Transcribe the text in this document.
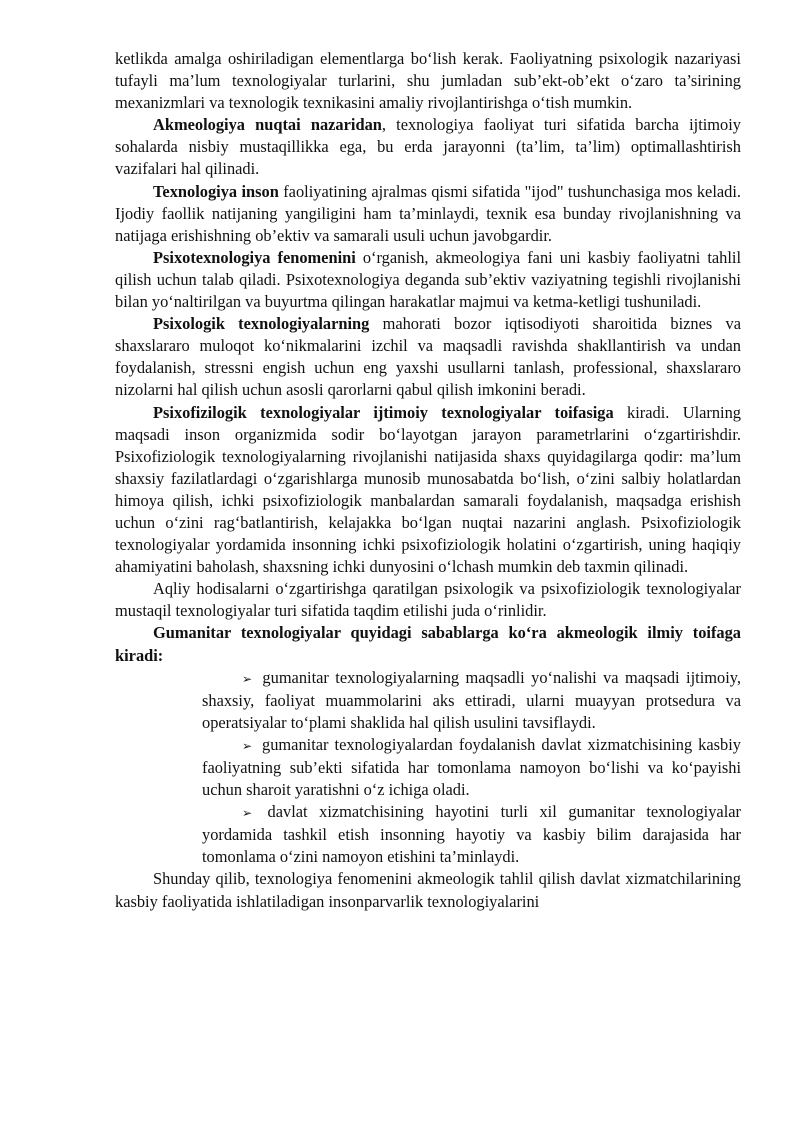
ketlikda amalga oshiriladigan elementlarga bo‘lish kerak. Faoliyatning psixologik nazariyasi tufayli ma’lum texnologiyalar turlarini, shu jumladan sub’ekt-ob’ekt o‘zaro ta’sirining mexanizmlari va texnologik texnikasini amaliy rivojlantirishga o‘tish mumkin.

Akmeologiya nuqtai nazaridan, texnologiya faoliyat turi sifatida barcha ijtimoiy sohalarda nisbiy mustaqillikka ega, bu erda jarayonni (ta’lim, ta’lim) optimallashtirish vazifalari hal qilinadi.

Texnologiya inson faoliyatining ajralmas qismi sifatida "ijod" tushunchasiga mos keladi. Ijodiy faollik natijaning yangiligini ham ta’minlaydi, texnik esa bunday rivojlanishning va natijaga erishishning ob’ektiv va samarali usuli uchun javobgardir.

Psixotexnologiya fenomenini o‘rganish, akmeologiya fani uni kasbiy faoliyatni tahlil qilish uchun talab qiladi. Psixotexnologiya deganda sub’ektiv vaziyatning tegishli rivojlanishi bilan yo‘naltirilgan va buyurtma qilingan harakatlar majmui va ketma-ketligi tushuniladi.

Psixologik texnologiyalarning mahorati bozor iqtisodiyoti sharoitida biznes va shaxslararo muloqot ko‘nikmalarini izchil va maqsadli ravishda shakllantirish va undan foydalanish, stressni engish uchun eng yaxshi usullarni tanlash, professional, shaxslararo nizolarni hal qilish uchun asosli qarorlarni qabul qilish imkonini beradi.

Psixofizilogik texnologiyalar ijtimoiy texnologiyalar toifasiga kiradi. Ularning maqsadi inson organizmida sodir bo‘layotgan jarayon parametrlarini o‘zgartirishdir. Psixofiziologik texnologiyalarning rivojlanishi natijasida shaxs quyidagilarga qodir: ma’lum shaxsiy fazilatlardagi o‘zgarishlarga munosib munosabatda bo‘lish, o‘zini salbiy holatlardan himoya qilish, ichki psixofiziologik manbalardan samarali foydalanish, maqsadga erishish uchun o‘zini rag‘batlantirish, kelajakka bo‘lgan nuqtai nazarini anglash. Psixofiziologik texnologiyalar yordamida insonning ichki psixofiziologik holatini o‘zgartirish, uning haqiqiy ahamiyatini baholash, shaxsning ichki dunyosini o‘lchash mumkin deb taxmin qilinadi.

Aqliy hodisalarni o‘zgartirishga qaratilgan psixologik va psixofiziologik texnologiyalar mustaqil texnologiyalar turi sifatida taqdim etilishi juda o‘rinlidir.

Gumanitar texnologiyalar quyidagi sabablarga ko‘ra akmeologik ilmiy toifaga kiradi:

➢ gumanitar texnologiyalarning maqsadli yo‘nalishi va maqsadi ijtimoiy, shaxsiy, faoliyat muammolarini aks ettiradi, ularni muayyan protsedura va operatsiyalar to‘plami shaklida hal qilish usulini tavsiflaydi.

➢ gumanitar texnologiyalardan foydalanish davlat xizmatchisining kasbiy faoliyatning sub’ekti sifatida har tomonlama namoyon bo‘lishi va ko‘payishi uchun sharoit yaratishni o‘z ichiga oladi.

➢ davlat xizmatchisining hayotini turli xil gumanitar texnologiyalar yordamida tashkil etish insonning hayotiy va kasbiy bilim darajasida har tomonlama o‘zini namoyon etishini ta’minlaydi.

Shunday qilib, texnologiya fenomenini akmeologik tahlil qilish davlat xizmatchilarining kasbiy faoliyatida ishlatiladigan insonparvarlik texnologiyalarini
